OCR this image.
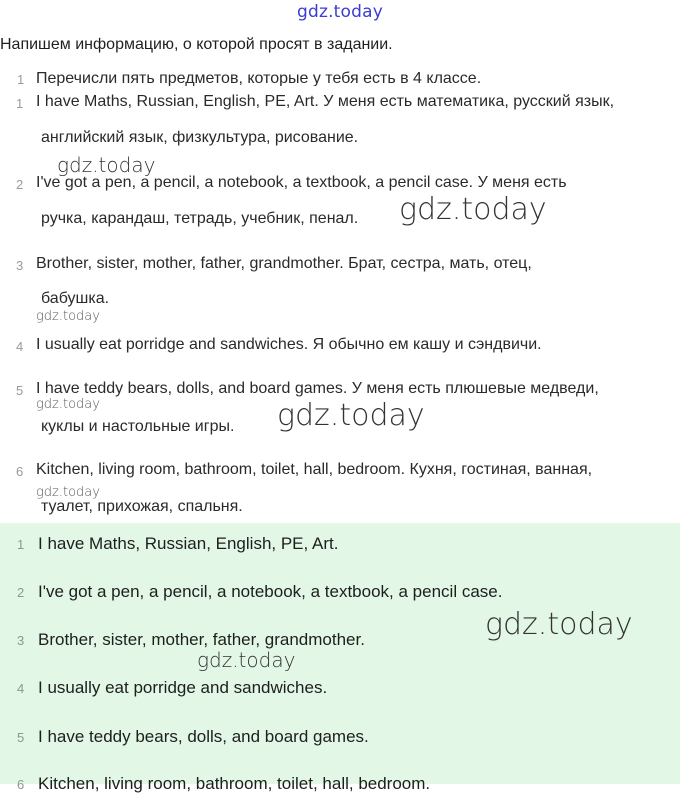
gdz.today
Напишем информацию, о которой просят в задании.
1 Перечисли пять предметов, которые у тебя есть в 4 классе.
1 I have Maths, Russian, English, PE, Art. У меня есть математика, русский язык,
английский язык, физкультура, рисование.
gdz.today
2 I've got a pen, a pencil, a notebook, a textbook, a pencil case. У меня есть
ручка, карандаш, тетрадь, учебник, пенал. gdz.today
3 Brother, sister, mother, father, grandmother. Брат, сестра, мать, отец,
бабушка.
gdz.today
4 I usually eat porridge and sandwiches. Я обычно ем кашу и сэндвичи.
5 I have teddy bears, dolls, and board games. У меня есть плюшевые медведи,
gdz.today
куклы и настольные игры. gdz.today
6 Kitchen, living room, bathroom, toilet, hall, bedroom. Кухня, гостиная, ванная,
gdz.today
туалет, прихожая, спальня.
1 I have Maths, Russian, English, PE, Art.
2 I've got a pen, a pencil, a notebook, a textbook, a pencil case.
3 Brother, sister, mother, father, grandmother.	gdz.today
gdz.today
4 I usually eat porridge and sandwiches.
5 I have teddy bears, dolls, and board games.
6 Kitchen, living room, bathroom, toilet, hall, bedroom.
